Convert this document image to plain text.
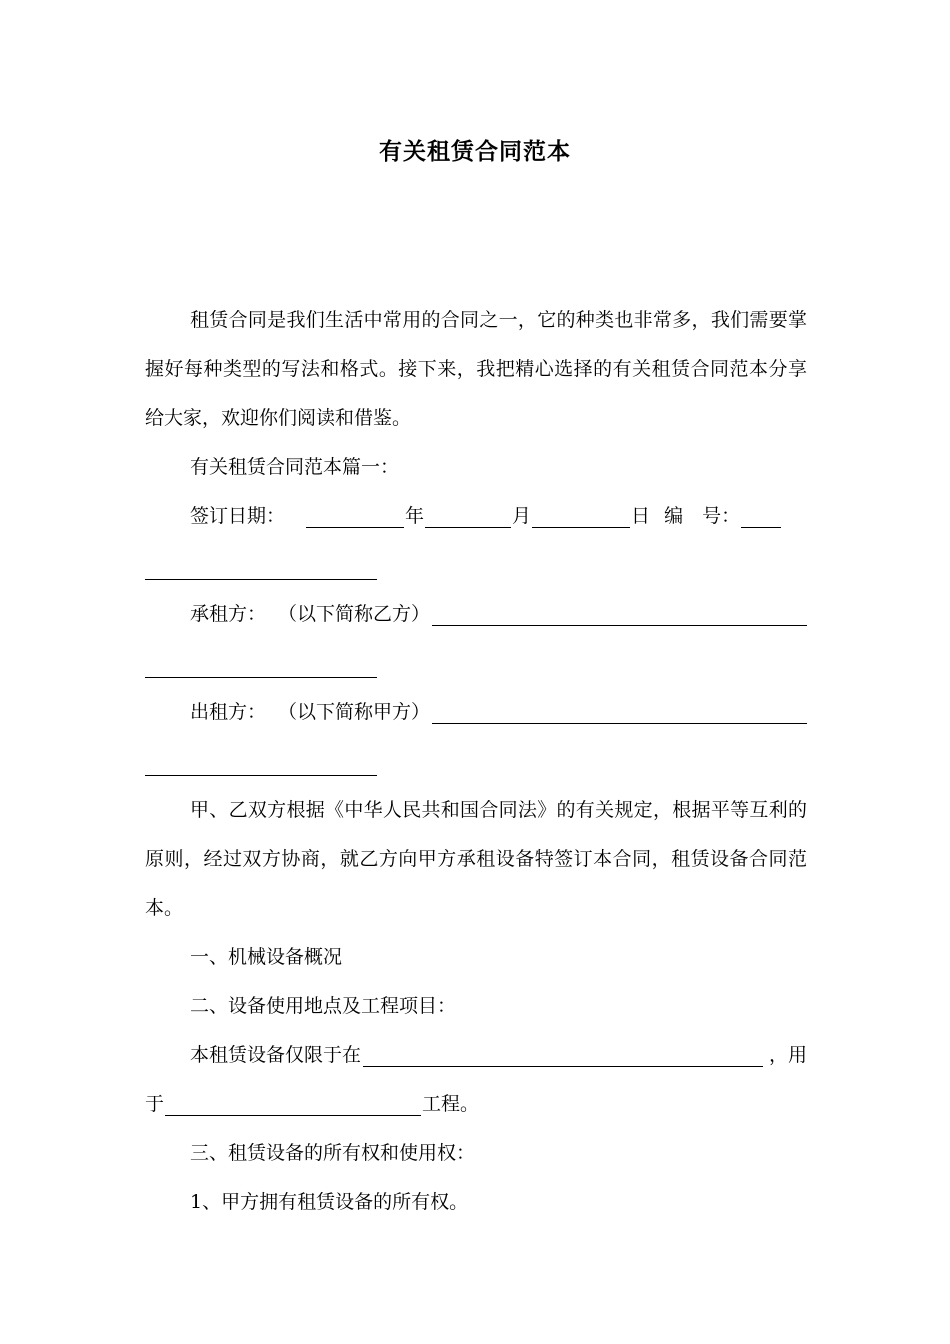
有关租赁合同范本

租赁合同是我们生活中常用的合同之一，它的种类也非常多，我们需要掌握好每种类型的写法和格式。接下来，我把精心选择的有关租赁合同范本分享给大家，欢迎你们阅读和借鉴。

有关租赁合同范本篇一：

签订日期：	年	月	日 编　号：
承租方： （以下简称乙方）
出租方： （以下简称甲方）

甲、乙双方根据《中华人民共和国合同法》的有关规定，根据平等互利的原则，经过双方协商，就乙方向甲方承租设备特签订本合同，租赁设备合同范本。

一、机械设备概况

二、设备使用地点及工程项目：

本租赁设备仅限于在	，用
于	工程。

三、租赁设备的所有权和使用权：

1、甲方拥有租赁设备的所有权。
